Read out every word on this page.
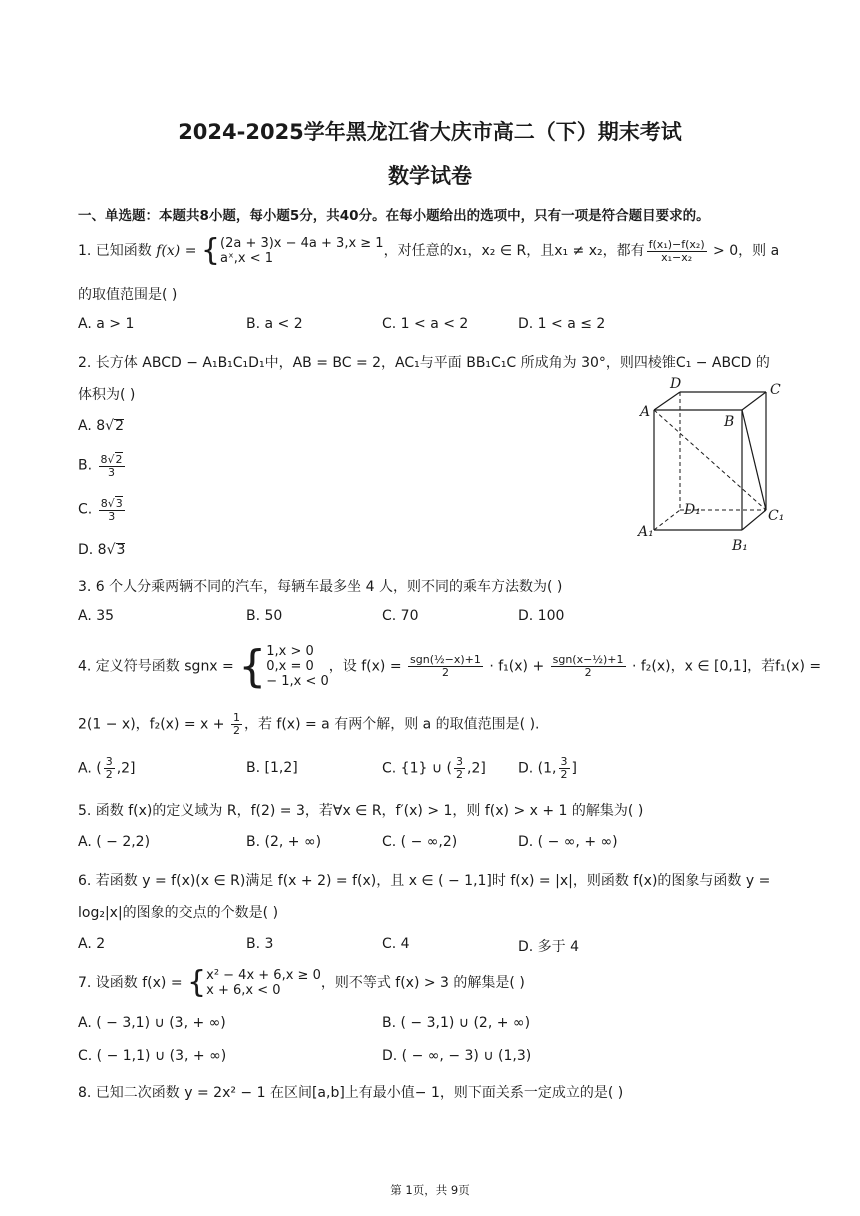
2024-2025学年黑龙江省大庆市高二（下）期末考试
数学试卷
一、单选题：本题共8小题，每小题5分，共40分。在每小题给出的选项中，只有一项是符合题目要求的。
1. 已知函数 f(x) = { (2a + 3)x − 4a + 3,x ≥ 1
aˣ,x < 1	，对任意的x₁，x₂ ∈ R，且x₁ ≠ x₂，都有 $\frac{\text{f(x₁)−f(x₂)}}{\text{x₁−x₂}} > 0$，则 a
的取值范围是( )
A. a > 1	B. a < 2	C. 1 < a < 2	D. 1 < a ≤ 2
2. 长方体 ABCD − A₁B₁C₁D₁中，AB = BC = 2，AC₁与平面 BB₁C₁C 所成角为 30°，则四棱锥C₁ − ABCD 的
体积为( )
A. 8√2
B. $\frac{8√2}{3}$
C. $\frac{8√3}{3}$
D. 8√3
A
B
C
D
A₁
B₁
C₁
D₁
3. 6 个人分乘两辆不同的汽车，每辆车最多坐 4 人，则不同的乘车方法数为( )
A. 35	B. 50	C. 70	D. 100
4. 定义符号函数 sgnx = { 1,x > 0
0,x = 0
− 1,x < 0
，设 $f(x) = \frac{\text{sgn(½−x)+1}}{2} \cdot f_1(x) + \frac{\text{sgn(x−½)+1}}{2} \cdot f_2(x)$，x ∈ [0,1]，若f₁(x) =
2(1 − x)，$f_2(x) = x + \frac{1}{2}$ ，若 f(x) = a 有两个解，则 a 的取值范围是( ).
A. ( $\frac{3}{2} ,2$]	B. [1,2]	C. {1} ∪ ( $\frac{3}{2} ,2$] D. (1, $\frac{3}{2}$ ]
5. 函数 f(x)的定义域为 R，f(2) = 3，若∀x ∈ R，f′(x) > 1，则 f(x) > x + 1 的解集为( )
A. ( − 2,2)	B. (2, + ∞)	C. ( − ∞,2)	D. ( − ∞, + ∞)
6. 若函数 y = f(x)(x ∈ R)满足 f(x + 2) = f(x)，且 x ∈ ( − 1,1]时 f(x) = |x|，则函数 f(x)的图象与函数 y =
log₂|x|的图象的交点的个数是( )
A. 2	B. 3	C. 4	D. 多于 4
7. 设函数 f(x) = { x² − 4x + 6,x ≥ 0
x + 6,x < 0	，则不等式 f(x) > 3 的解集是( )
A. ( − 3,1) ∪ (3, + ∞)	B. ( − 3,1) ∪ (2, + ∞)
C. ( − 1,1) ∪ (3, + ∞)	D. ( − ∞, − 3) ∪ (1,3)
8. 已知二次函数 y = 2x² − 1 在区间[a,b]上有最小值− 1，则下面关系一定成立的是( )
第 1页，共 9页
